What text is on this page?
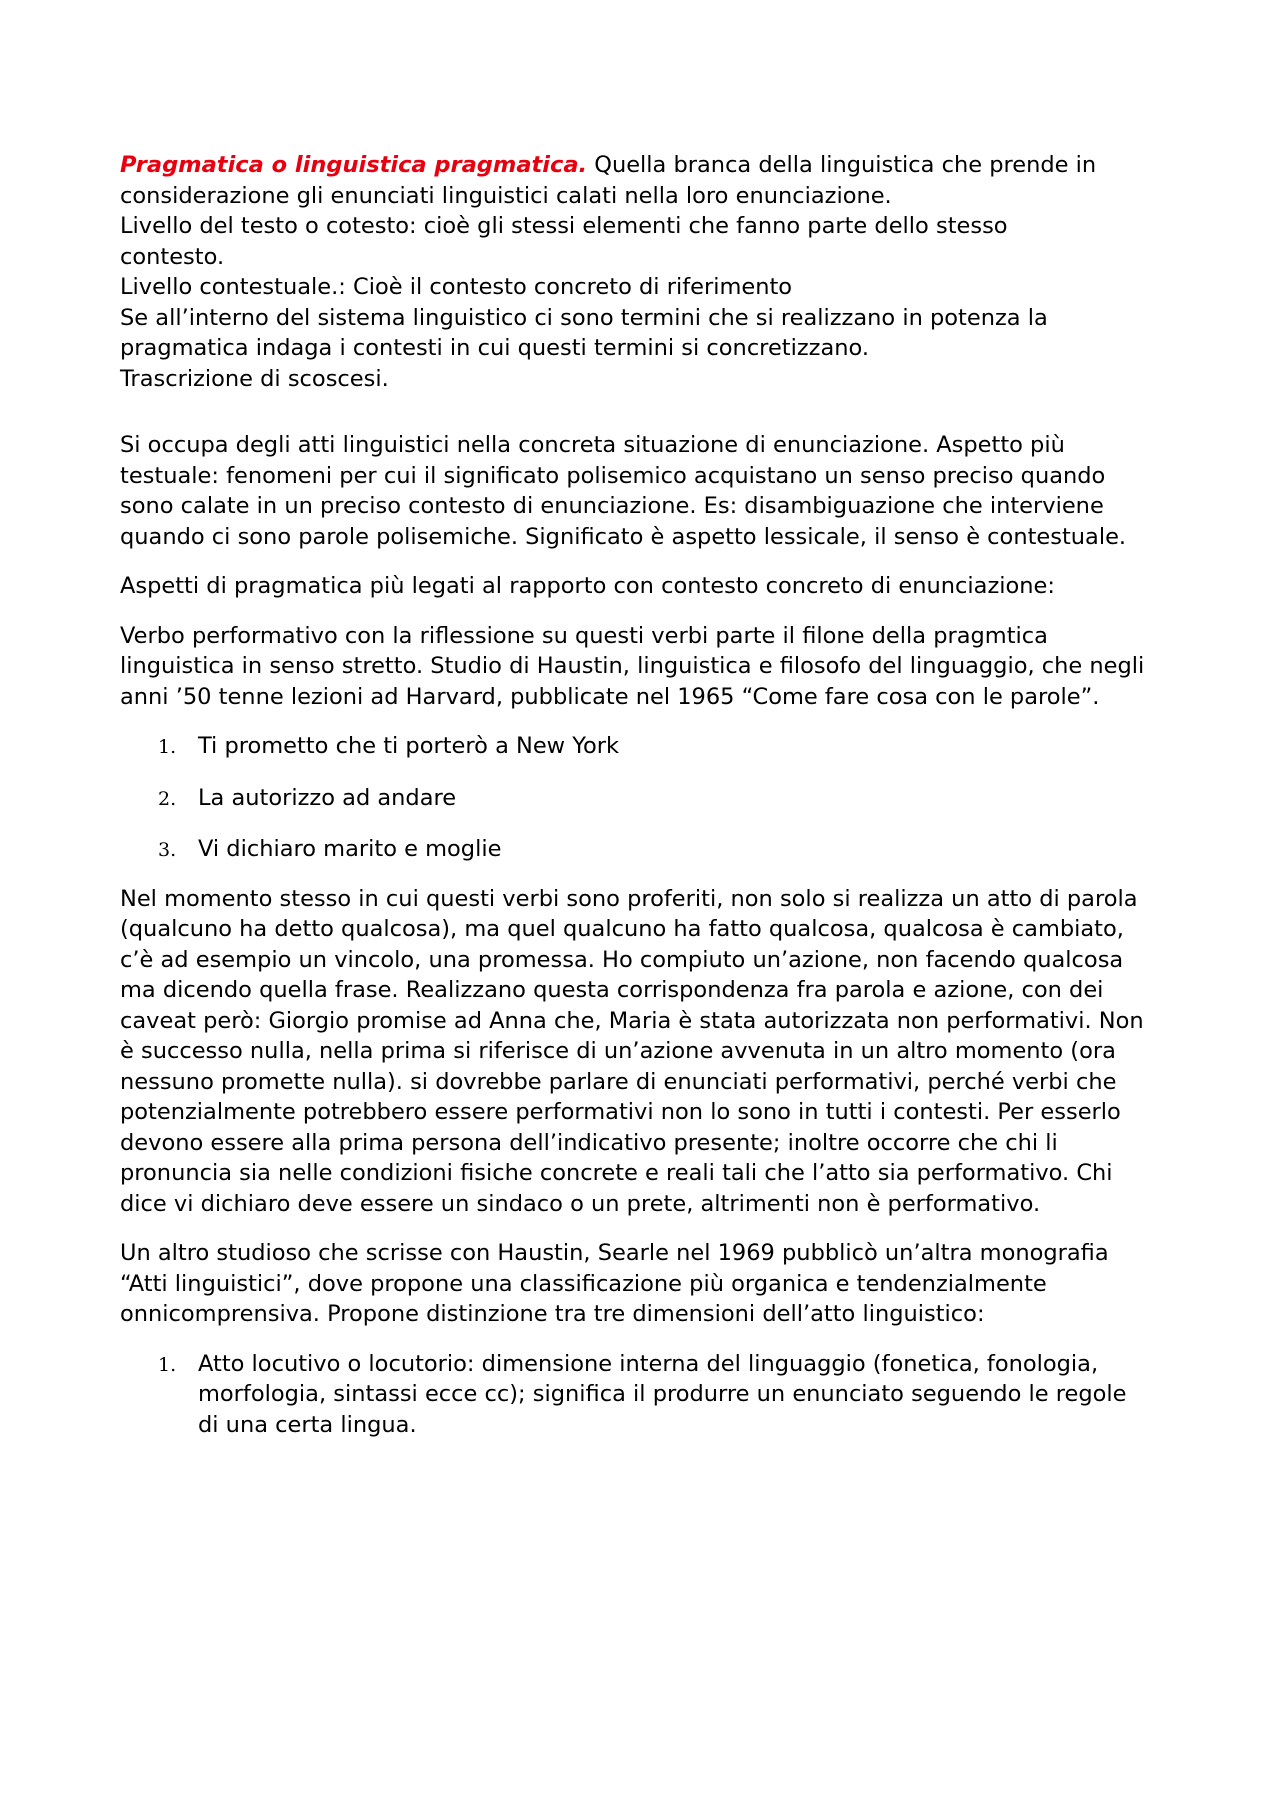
Pragmatica o linguistica pragmatica. Quella branca della linguistica che prende in
considerazione gli enunciati linguistici calati nella loro enunciazione.
Livello del testo o cotesto: cioè gli stessi elementi che fanno parte dello stesso
contesto.
Livello contestuale.: Cioè il contesto concreto di riferimento
Se all’interno del sistema linguistico ci sono termini che si realizzano in potenza la
pragmatica indaga i contesti in cui questi termini si concretizzano.
Trascrizione di scoscesi.

Si occupa degli atti linguistici nella concreta situazione di enunciazione. Aspetto più testuale: fenomeni per cui il significato polisemico acquistano un senso preciso quando sono calate in un preciso contesto di enunciazione. Es: disambiguazione che interviene quando ci sono parole polisemiche. Significato è aspetto lessicale, il senso è contestuale.

Aspetti di pragmatica più legati al rapporto con contesto concreto di enunciazione:

Verbo performativo con la riflessione su questi verbi parte il filone della pragmtica linguistica in senso stretto. Studio di Haustin, linguistica e filosofo del linguaggio, che negli anni ’50 tenne lezioni ad Harvard, pubblicate nel 1965 “Come fare cosa con le parole”.

1. Ti prometto che ti porterò a New York
2. La autorizzo ad andare
3. Vi dichiaro marito e moglie

Nel momento stesso in cui questi verbi sono proferiti, non solo si realizza un atto di parola (qualcuno ha detto qualcosa), ma quel qualcuno ha fatto qualcosa, qualcosa è cambiato, c’è ad esempio un vincolo, una promessa. Ho compiuto un’azione, non facendo qualcosa ma dicendo quella frase. Realizzano questa corrispondenza fra parola e azione, con dei caveat però: Giorgio promise ad Anna che, Maria è stata autorizzata non performativi. Non è successo nulla, nella prima si riferisce di un’azione avvenuta in un altro momento (ora nessuno promette nulla). si dovrebbe parlare di enunciati performativi, perché verbi che potenzialmente potrebbero essere performativi non lo sono in tutti i contesti. Per esserlo devono essere alla prima persona dell’indicativo presente; inoltre occorre che chi li pronuncia sia nelle condizioni fisiche concrete e reali tali che l’atto sia performativo. Chi dice vi dichiaro deve essere un sindaco o un prete, altrimenti non è performativo.

Un altro studioso che scrisse con Haustin, Searle nel 1969 pubblicò un’altra monografia “Atti linguistici”, dove propone una classificazione più organica e tendenzialmente onnicomprensiva. Propone distinzione tra tre dimensioni dell’atto linguistico:

1. Atto locutivo o locutorio: dimensione interna del linguaggio (fonetica, fonologia, morfologia, sintassi ecce cc); significa il produrre un enunciato seguendo le regole di una certa lingua.
